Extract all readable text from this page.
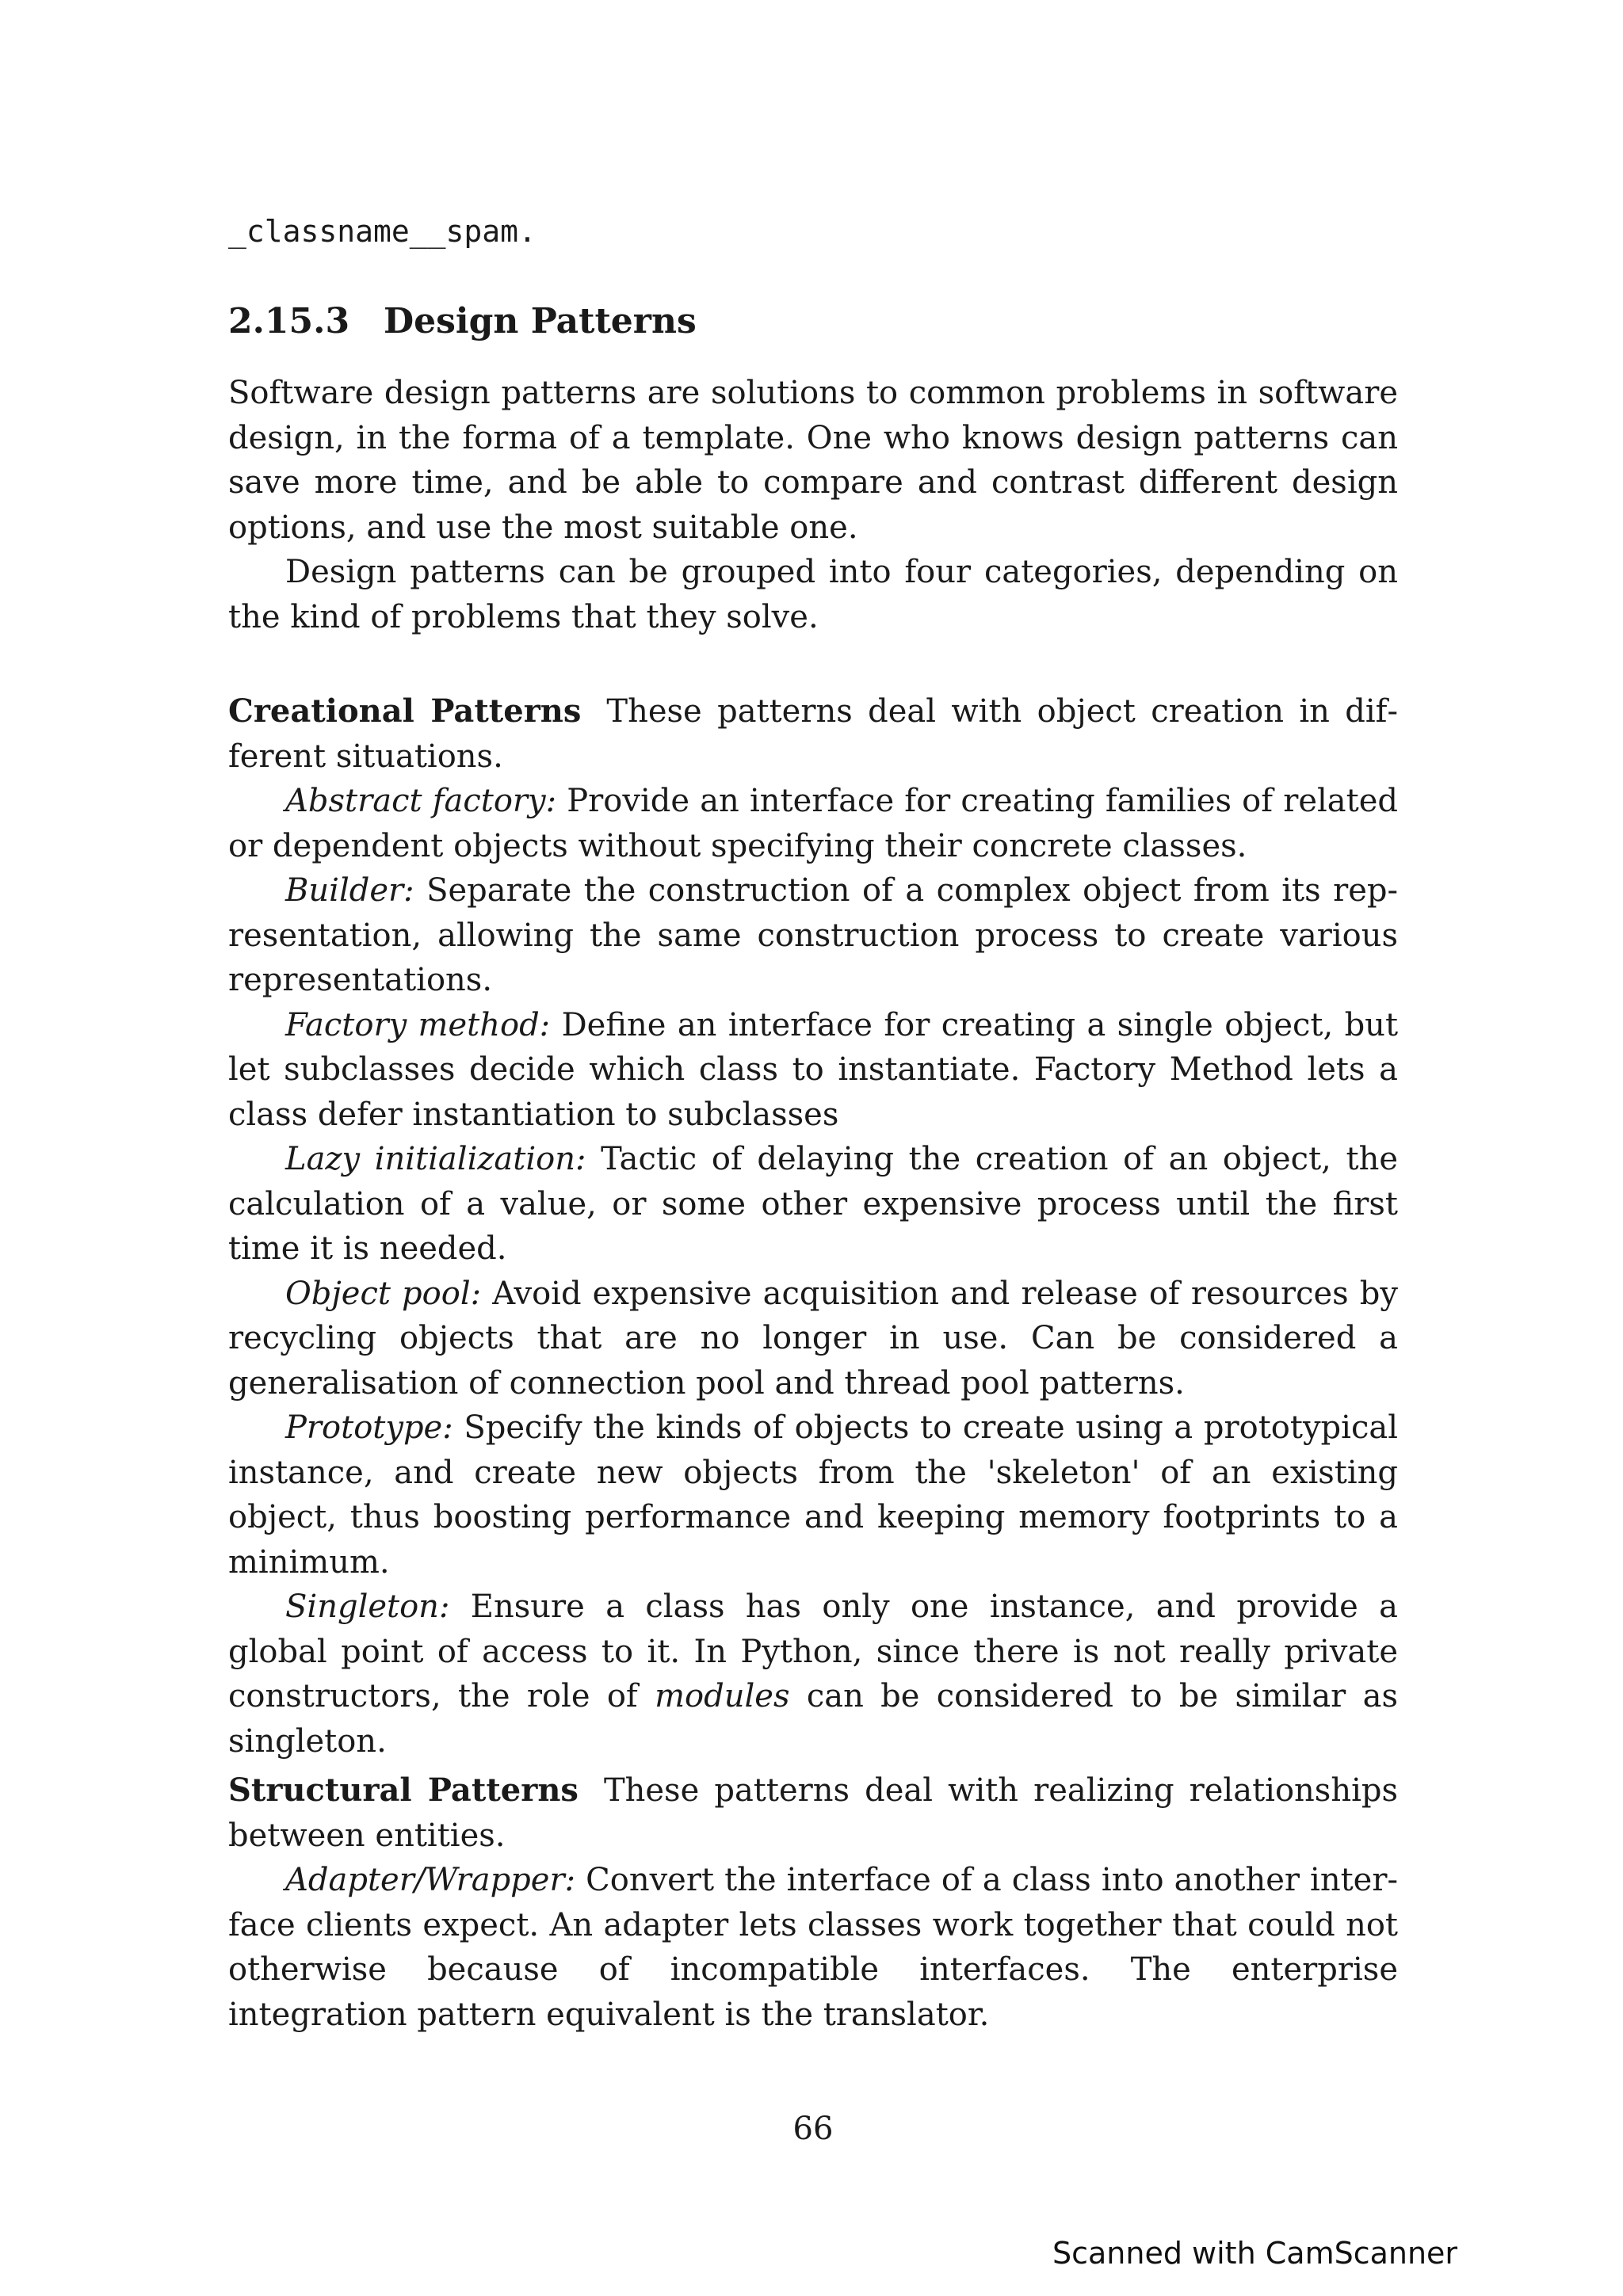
_classname__spam.
2.15.3 Design Patterns

Software design patterns are solutions to common problems in software design, in the forma of a template. One who knows design patterns can save more time, and be able to compare and contrast different design options, and use the most suitable one.

Design patterns can be grouped into four categories, depending on the kind of problems that they solve.

Creational Patterns These patterns deal with object creation in different situations.

Abstract factory: Provide an interface for creating families of related or dependent objects without specifying their concrete classes.

Builder: Separate the construction of a complex object from its representation, allowing the same construction process to create various representations.

Factory method: Define an interface for creating a single object, but let subclasses decide which class to instantiate. Factory Method lets a class defer instantiation to subclasses

Lazy initialization: Tactic of delaying the creation of an object, the calculation of a value, or some other expensive process until the first time it is needed.

Object pool: Avoid expensive acquisition and release of resources by recycling objects that are no longer in use. Can be considered a generalisation of connection pool and thread pool patterns.

Prototype: Specify the kinds of objects to create using a prototypical instance, and create new objects from the 'skeleton' of an existing object, thus boosting performance and keeping memory footprints to a minimum.

Singleton: Ensure a class has only one instance, and provide a global point of access to it. In Python, since there is not really private constructors, the role of modules can be considered to be similar as singleton.

Structural Patterns These patterns deal with realizing relationships between entities.

Adapter/Wrapper: Convert the interface of a class into another interface clients expect. An adapter lets classes work together that could not otherwise because of incompatible interfaces. The enterprise integration pattern equivalent is the translator.

66
Scanned with CamScanner
